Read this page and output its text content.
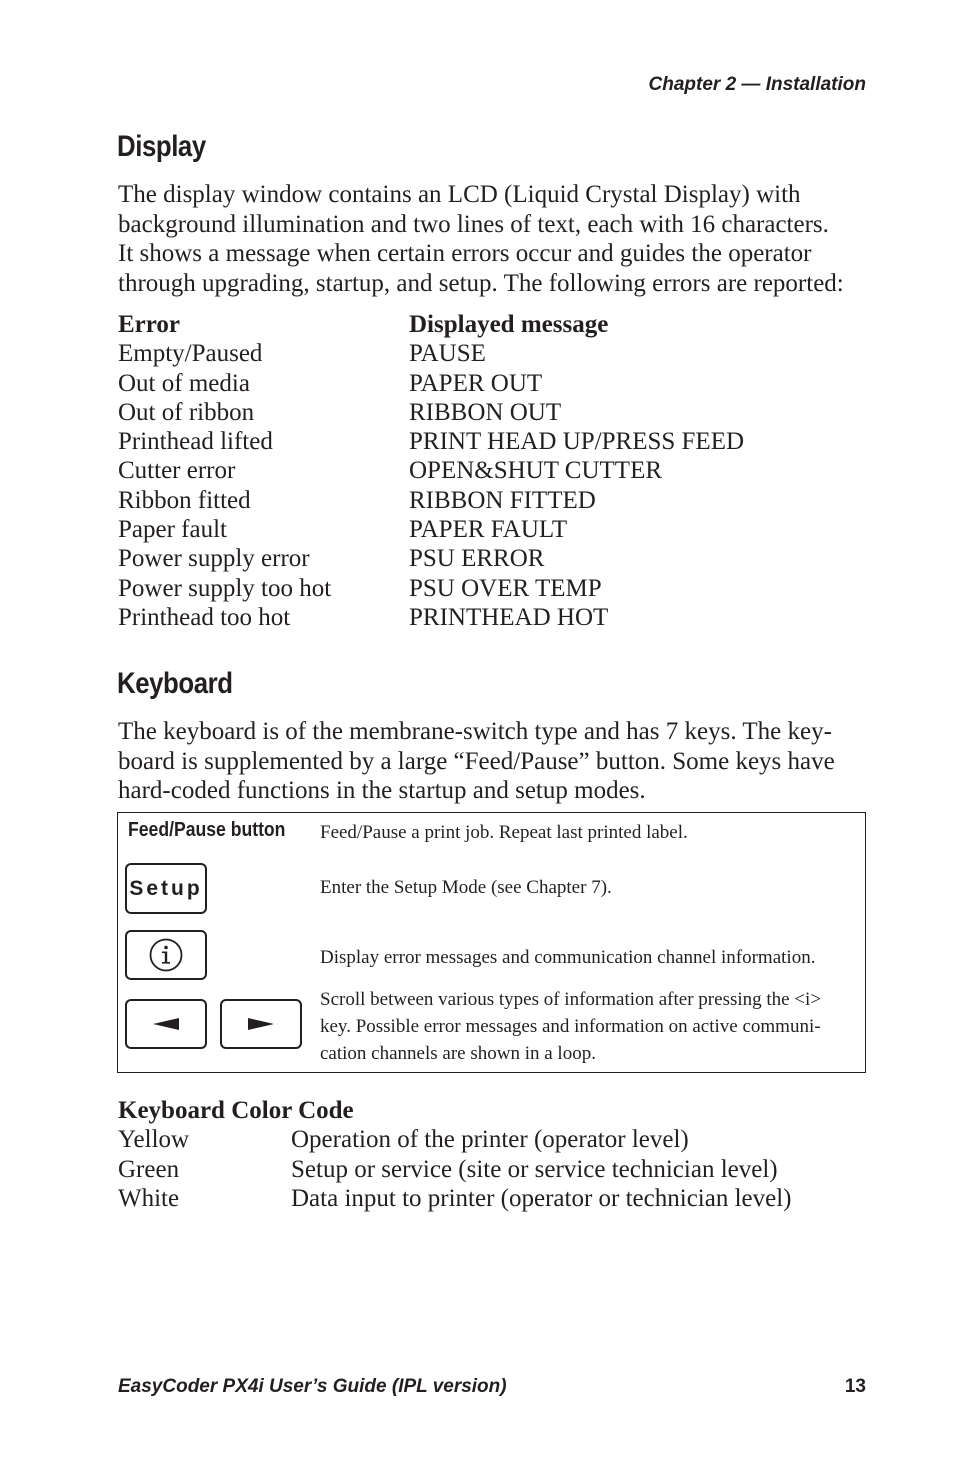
Chapter 2 — Installation
Display
The display window contains an LCD (Liquid Crystal Display) with
background illumination and two lines of text, each with 16 characters.
It shows a message when certain errors occur and guides the operator
through upgrading, startup, and setup. The following errors are reported:
Error	Displayed message
Empty/Paused	PAUSE
Out of media	PAPER OUT
Out of ribbon	RIBBON OUT
Printhead lifted	PRINT HEAD UP/PRESS FEED
Cutter error	OPEN&SHUT CUTTER
Ribbon fitted	RIBBON FITTED
Paper fault	PAPER FAULT
Power supply error	PSU ERROR
Power supply too hot	PSU OVER TEMP
Printhead too hot	PRINTHEAD HOT
Keyboard
The keyboard is of the membrane-switch type and has 7 keys. The key-
board is supplemented by a large “Feed/Pause” button. Some keys have
hard-coded functions in the startup and setup modes.
Feed/Pause button Feed/Pause a print job. Repeat last printed label.
Setup	Enter the Setup Mode (see Chapter 7).
Display error messages and communication channel information.
Scroll between various types of information after pressing the <i>
key. Possible error messages and information on active communi-
cation channels are shown in a loop.
Keyboard Color Code
Yellow	Operation of the printer (operator level)
Green	Setup or service (site or service technician level)
White	Data input to printer (operator or technician level)
EasyCoder PX4i User’s Guide (IPL version)	13
